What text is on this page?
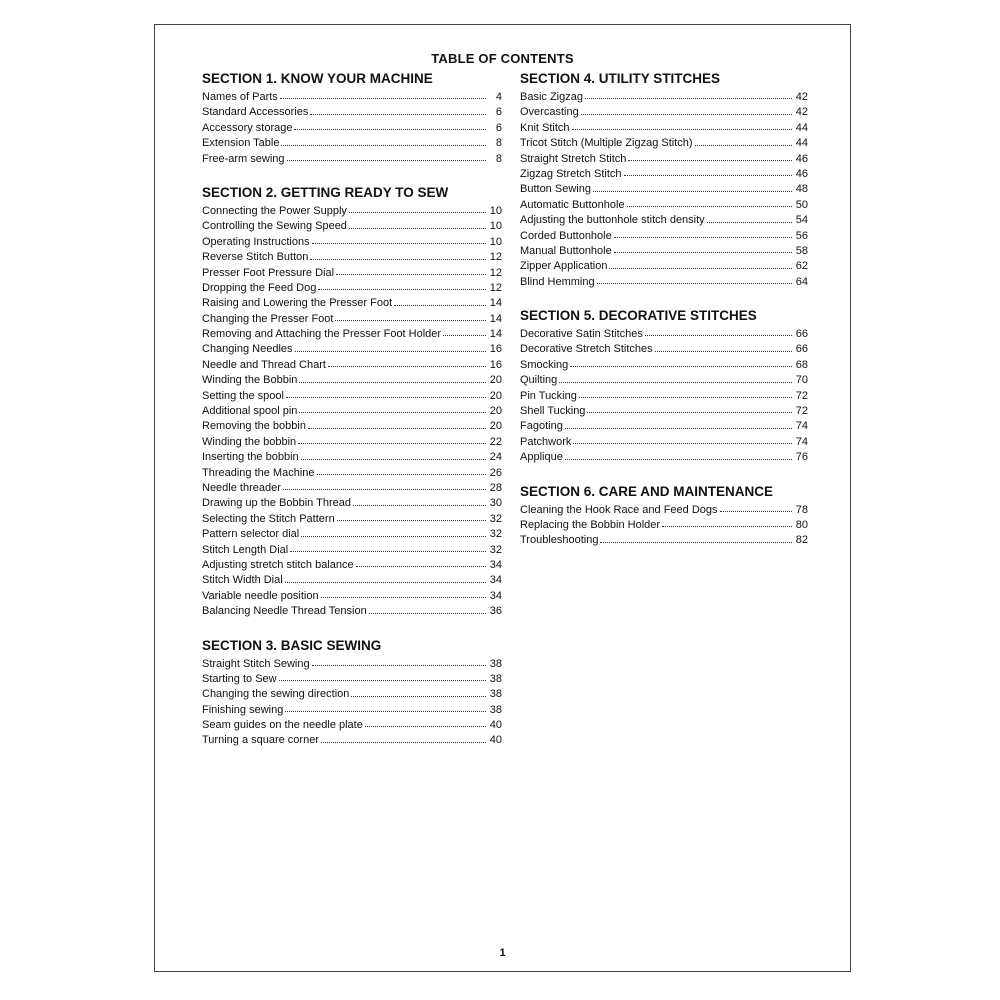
TABLE OF CONTENTS
SECTION 1. KNOW YOUR MACHINE
Names of Parts	4
Standard Accessories	6
Accessory storage	6
Extension Table	8
Free-arm sewing	8
SECTION 2. GETTING READY TO SEW
Connecting the Power Supply	10
Controlling the Sewing Speed	10
Operating Instructions	10
Reverse Stitch Button	12
Presser Foot Pressure Dial	12
Dropping the Feed Dog	12
Raising and Lowering the Presser Foot	14
Changing the Presser Foot	14
Removing and Attaching the Presser Foot Holder	14
Changing Needles	16
Needle and Thread Chart	16
Winding the Bobbin	20
Setting the spool	20
Additional spool pin	20
Removing the bobbin	20
Winding the bobbin	22
Inserting the bobbin	24
Threading the Machine	26
Needle threader	28
Drawing up the Bobbin Thread	30
Selecting the Stitch Pattern	32
Pattern selector dial	32
Stitch Length Dial	32
Adjusting stretch stitch balance	34
Stitch Width Dial	34
Variable needle position	34
Balancing Needle Thread Tension	36
SECTION 3. BASIC SEWING
Straight Stitch Sewing	38
Starting to Sew	38
Changing the sewing direction	38
Finishing sewing	38
Seam guides on the needle plate	40
Turning a square corner	40
SECTION 4. UTILITY STITCHES
Basic Zigzag	42
Overcasting	42
Knit Stitch	44
Tricot Stitch (Multiple Zigzag Stitch)	44
Straight Stretch Stitch	46
Zigzag Stretch Stitch	46
Button Sewing	48
Automatic Buttonhole	50
Adjusting the buttonhole stitch density	54
Corded Buttonhole	56
Manual Buttonhole	58
Zipper Application	62
Blind Hemming	64
SECTION 5. DECORATIVE STITCHES
Decorative Satin Stitches	66
Decorative Stretch Stitches	66
Smocking	68
Quilting	70
Pin Tucking	72
Shell Tucking	72
Fagoting	74
Patchwork	74
Applique	76
SECTION 6. CARE AND MAINTENANCE
Cleaning the Hook Race and Feed Dogs	78
Replacing the Bobbin Holder	80
Troubleshooting	82
1
